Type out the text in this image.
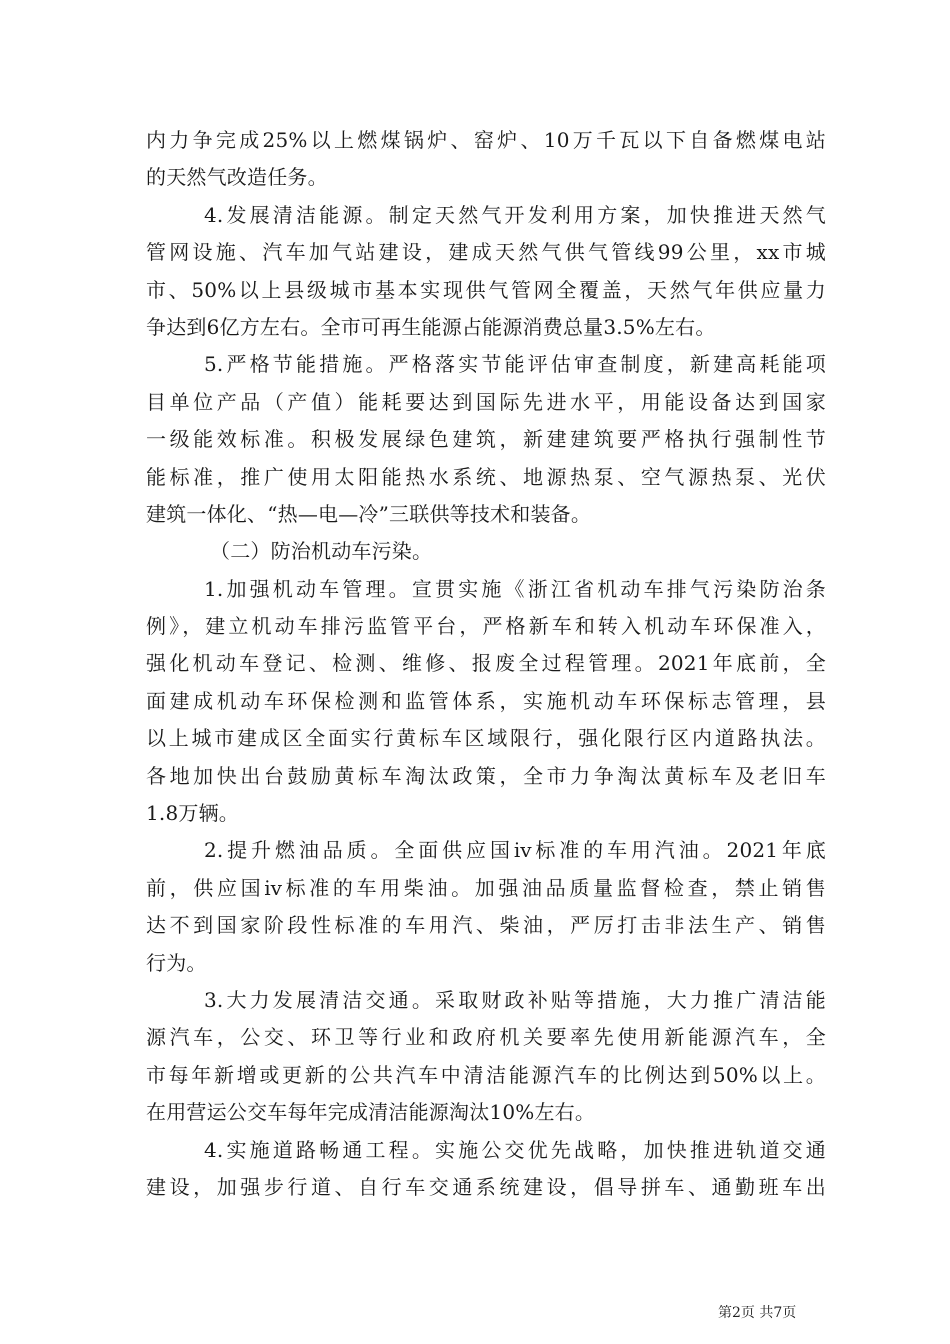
内力争完成25%以上燃煤锅炉、窑炉、10万千瓦以下自备燃煤电站
的天然气改造任务。
4.发展清洁能源。制定天然气开发利用方案，加快推进天然气
管网设施、汽车加气站建设，建成天然气供气管线99公里，xx市城
市、50%以上县级城市基本实现供气管网全覆盖，天然气年供应量力
争达到6亿方左右。全市可再生能源占能源消费总量3.5%左右。
5.严格节能措施。严格落实节能评估审查制度，新建高耗能项
目单位产品（产值）能耗要达到国际先进水平，用能设备达到国家
一级能效标准。积极发展绿色建筑，新建建筑要严格执行强制性节
能标准，推广使用太阳能热水系统、地源热泵、空气源热泵、光伏
建筑一体化、“热—电—冷”三联供等技术和装备。
（二）防治机动车污染。
1.加强机动车管理。宣贯实施《浙江省机动车排气污染防治条
例》，建立机动车排污监管平台，严格新车和转入机动车环保准入，
强化机动车登记、检测、维修、报废全过程管理。2021年底前，全
面建成机动车环保检测和监管体系，实施机动车环保标志管理，县
以上城市建成区全面实行黄标车区域限行，强化限行区内道路执法。
各地加快出台鼓励黄标车淘汰政策，全市力争淘汰黄标车及老旧车
1.8万辆。
2.提升燃油品质。全面供应国ⅳ标准的车用汽油。2021年底
前，供应国ⅳ标准的车用柴油。加强油品质量监督检查，禁止销售
达不到国家阶段性标准的车用汽、柴油，严厉打击非法生产、销售
行为。
3.大力发展清洁交通。采取财政补贴等措施，大力推广清洁能
源汽车，公交、环卫等行业和政府机关要率先使用新能源汽车，全
市每年新增或更新的公共汽车中清洁能源汽车的比例达到50%以上。
在用营运公交车每年完成清洁能源淘汰10%左右。
4.实施道路畅通工程。实施公交优先战略，加快推进轨道交通
建设，加强步行道、自行车交通系统建设，倡导拼车、通勤班车出
第2页 共7页
